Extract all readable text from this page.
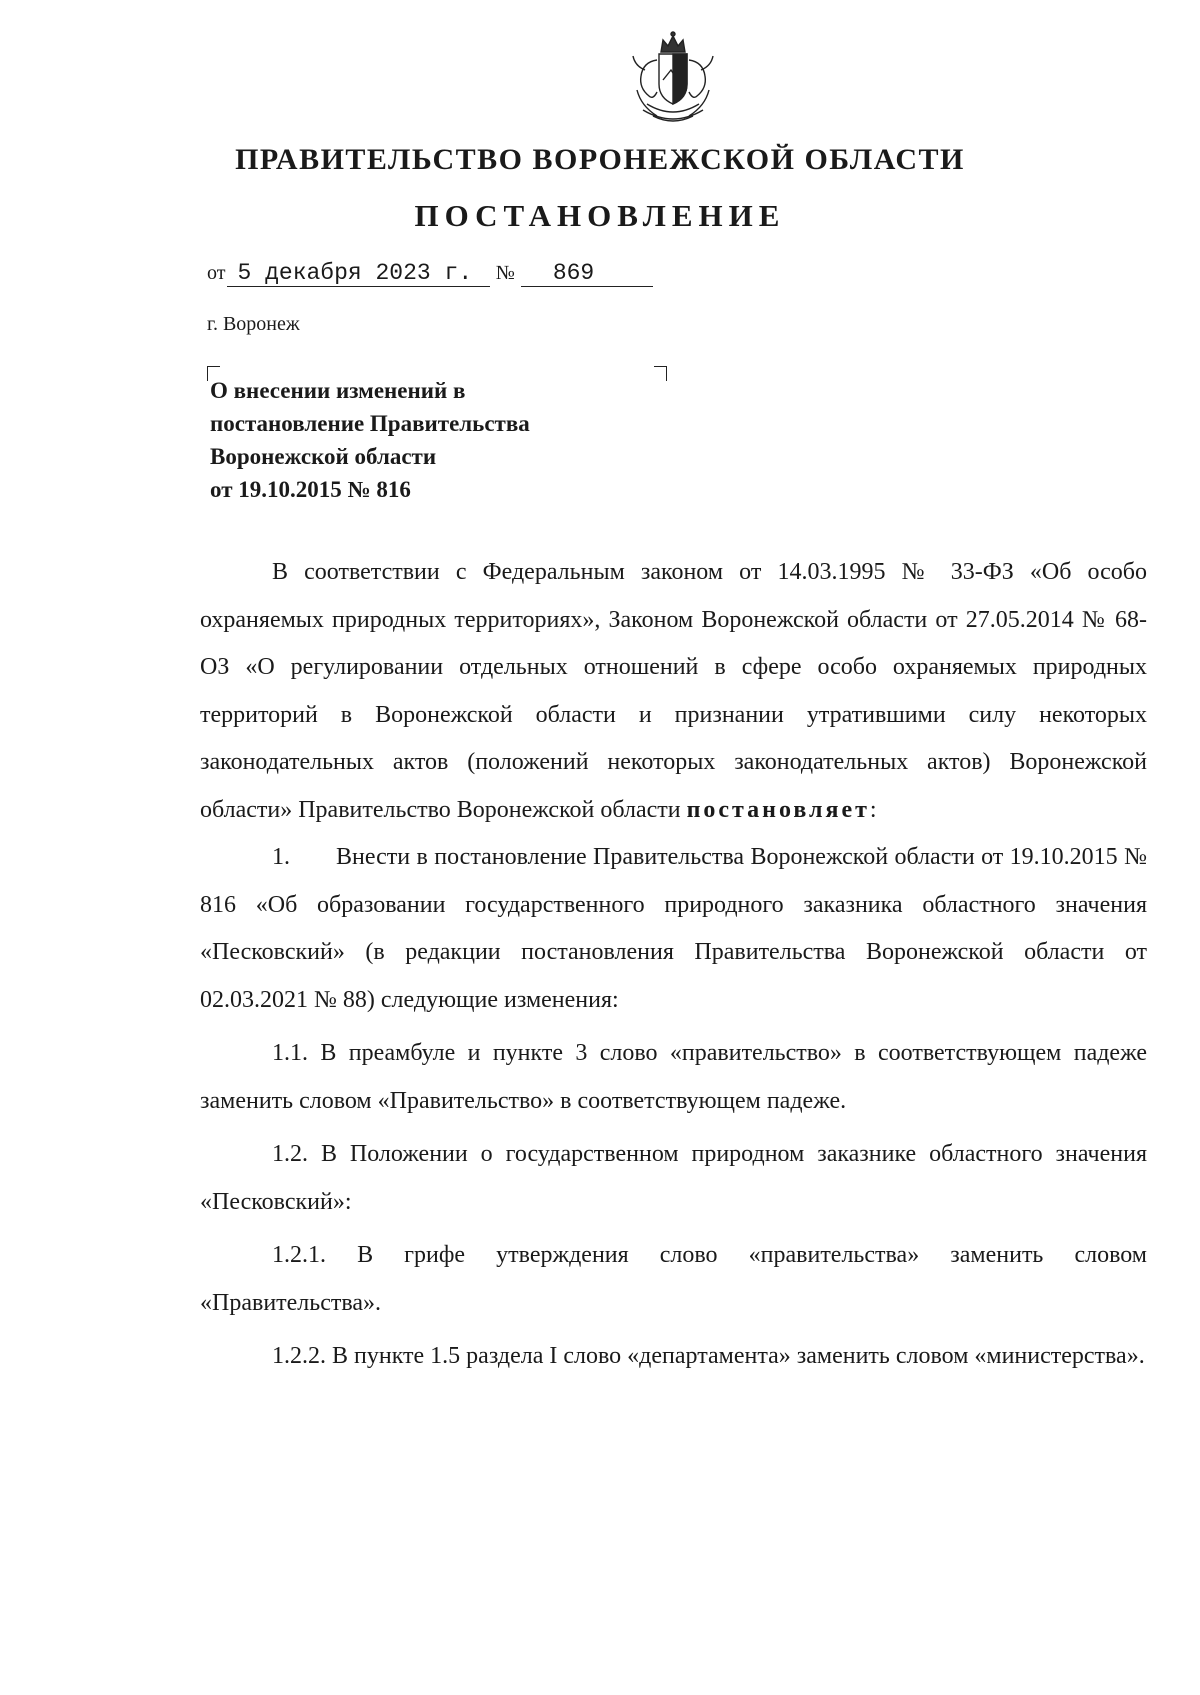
ПРАВИТЕЛЬСТВО ВОРОНЕЖСКОЙ ОБЛАСТИ
ПОСТАНОВЛЕНИЕ
от 5 декабря 2023 г. № 869
г. Воронеж
О внесении изменений в
постановление Правительства
Воронежской области
от 19.10.2015 № 816

В соответствии с Федеральным законом от 14.03.1995 № 33-ФЗ «Об особо охраняемых природных территориях», Законом Воронежской области от 27.05.2014 № 68-ОЗ «О регулировании отдельных отношений в сфере особо охраняемых природных территорий в Воронежской области и признании утратившими силу некоторых законодательных актов (положений некоторых законодательных актов) Воронежской области» Правительство Воронежской области постановляет:

1. Внести в постановление Правительства Воронежской области от 19.10.2015 № 816 «Об образовании государственного природного заказника областного значения «Песковский» (в редакции постановления Правительства Воронежской области от 02.03.2021 № 88) следующие изменения:

1.1. В преамбуле и пункте 3 слово «правительство» в соответствующем падеже заменить словом «Правительство» в соответствующем падеже.

1.2. В Положении о государственном природном заказнике областного значения «Песковский»:

1.2.1. В грифе утверждения слово «правительства» заменить словом «Правительства».

1.2.2. В пункте 1.5 раздела I слово «департамента» заменить словом «министерства».
